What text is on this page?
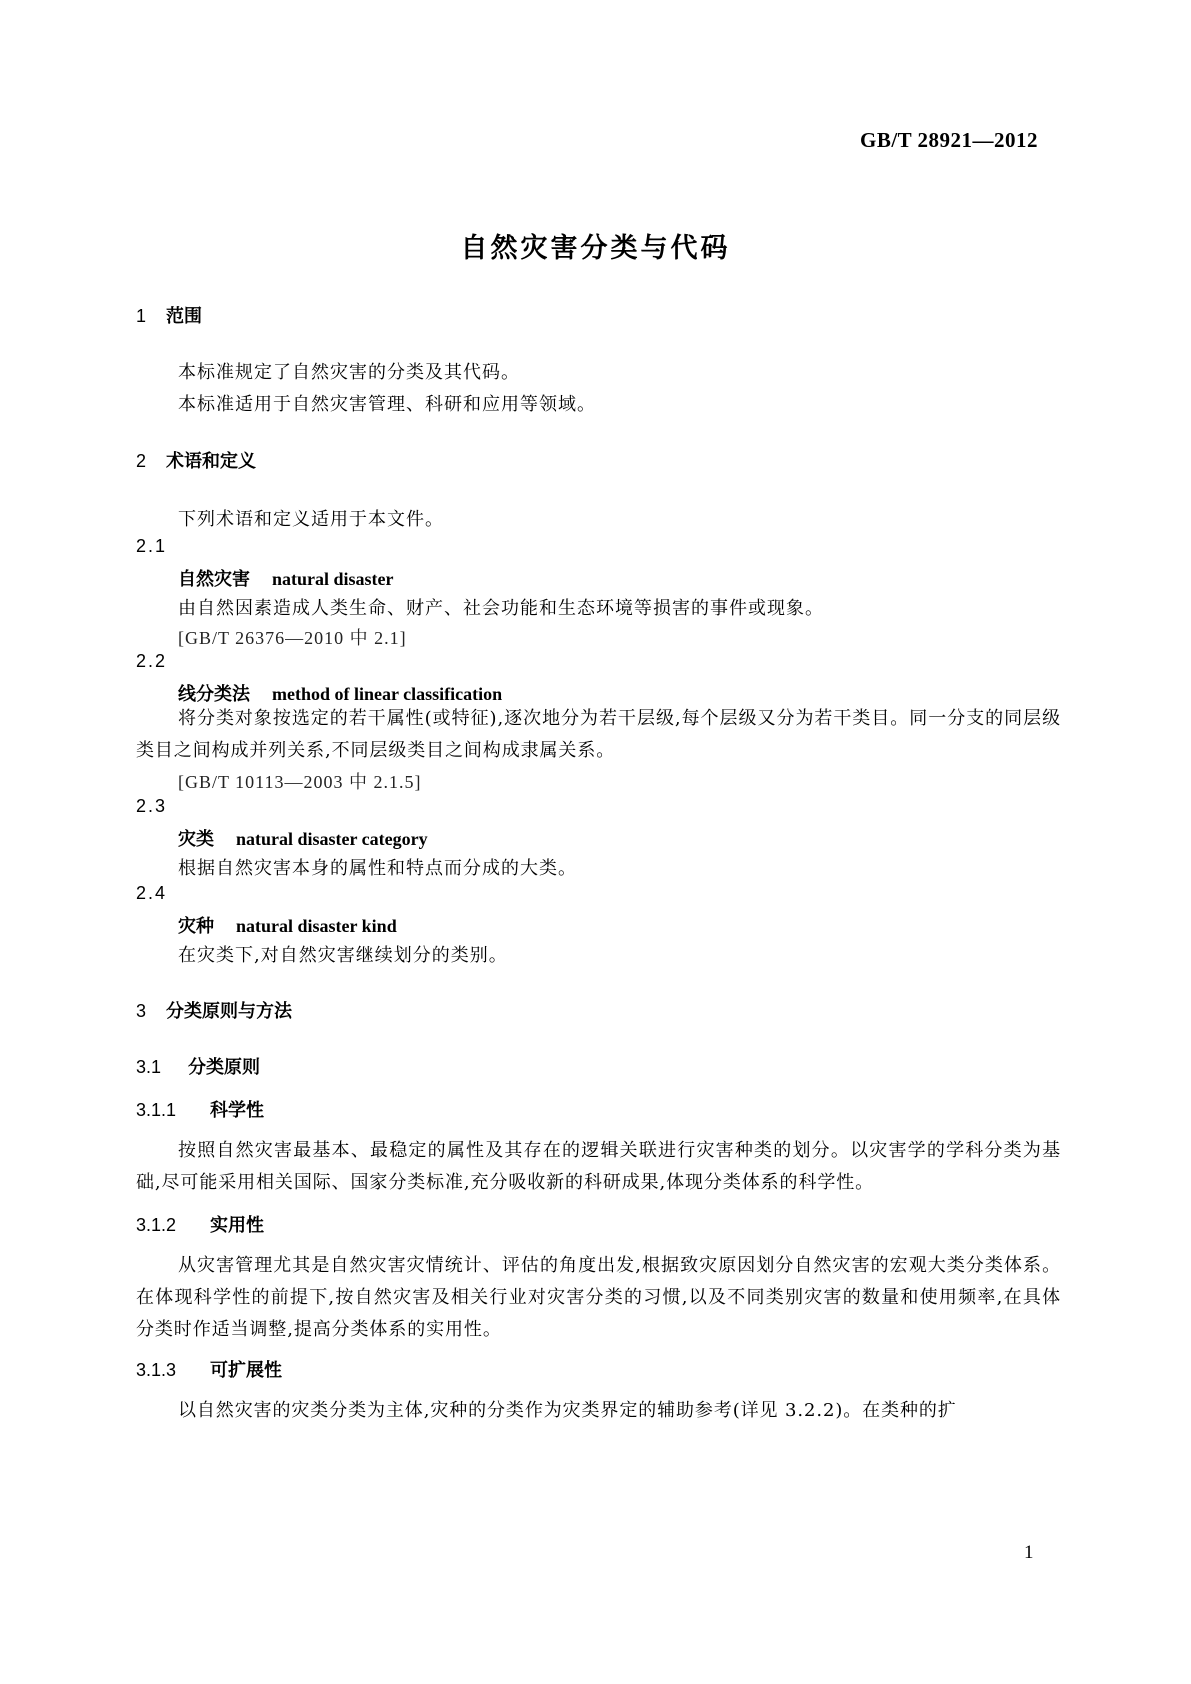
GB/T 28921—2012
自然灾害分类与代码
1 范围
本标准规定了自然灾害的分类及其代码。
本标准适用于自然灾害管理、科研和应用等领域。
2 术语和定义
下列术语和定义适用于本文件。
2.1
自然灾害 natural disaster
由自然因素造成人类生命、财产、社会功能和生态环境等损害的事件或现象。
[GB/T 26376—2010 中 2.1]
2.2
线分类法 method of linear classification
将分类对象按选定的若干属性(或特征),逐次地分为若干层级,每个层级又分为若干类目。同一分支的同层级类目之间构成并列关系,不同层级类目之间构成隶属关系。
[GB/T 10113—2003 中 2.1.5]
2.3
灾类 natural disaster category
根据自然灾害本身的属性和特点而分成的大类。
2.4
灾种 natural disaster kind
在灾类下,对自然灾害继续划分的类别。
3 分类原则与方法
3.1 分类原则
3.1.1 科学性
按照自然灾害最基本、最稳定的属性及其存在的逻辑关联进行灾害种类的划分。以灾害学的学科分类为基础,尽可能采用相关国际、国家分类标准,充分吸收新的科研成果,体现分类体系的科学性。
3.1.2 实用性
从灾害管理尤其是自然灾害灾情统计、评估的角度出发,根据致灾原因划分自然灾害的宏观大类分类体系。在体现科学性的前提下,按自然灾害及相关行业对灾害分类的习惯,以及不同类别灾害的数量和使用频率,在具体分类时作适当调整,提高分类体系的实用性。
3.1.3 可扩展性
以自然灾害的灾类分类为主体,灾种的分类作为灾类界定的辅助参考(详见 3.2.2)。在类种的扩
1
